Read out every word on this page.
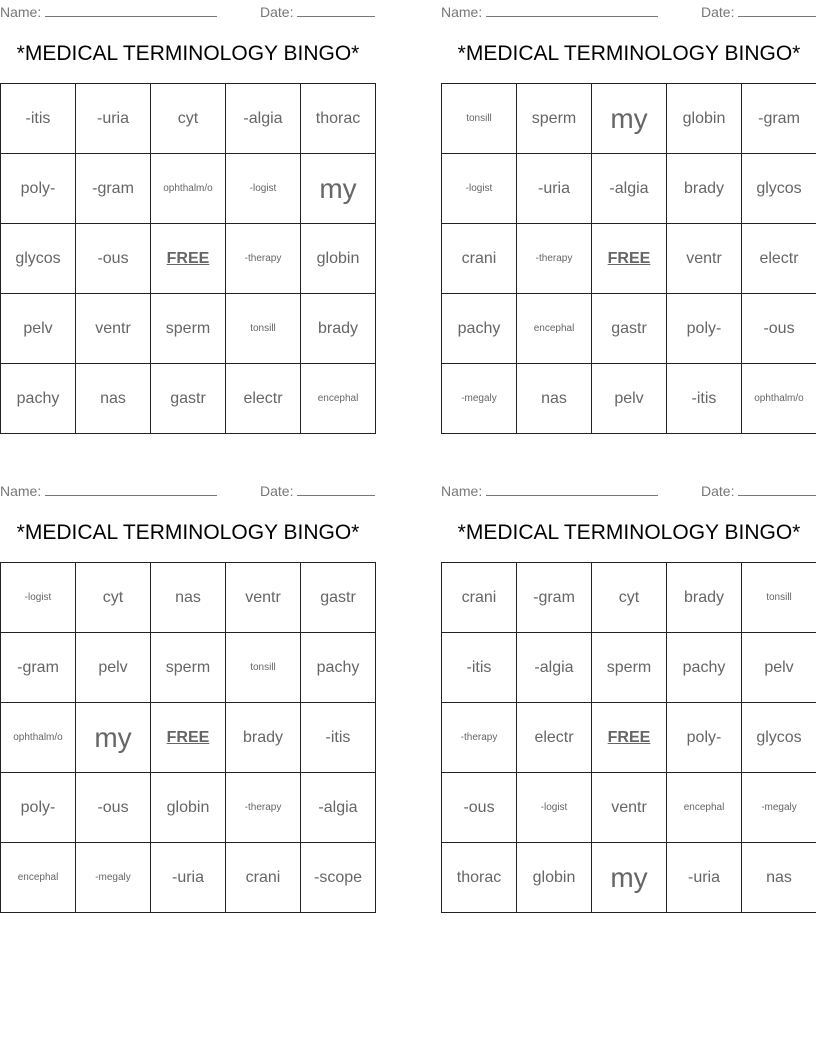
Name:	Date:
*MEDICAL TERMINOLOGY BINGO*
-itis	-uria	cyt	-algia	thorac
poly-	-gram	ophthalm/o	-logist	my
glycos	-ous	FREE	-therapy	globin
pelv	ventr	sperm	tonsill	brady
pachy	nas	gastr	electr	encephal
Name:	Date:
*MEDICAL TERMINOLOGY BINGO*
tonsill	sperm	my	globin	-gram
-logist	-uria	-algia	brady	glycos
crani	-therapy	FREE	ventr	electr
pachy	encephal	gastr	poly-	-ous
-megaly	nas	pelv	-itis	ophthalm/o
Name:	Date:
*MEDICAL TERMINOLOGY BINGO*
-logist	cyt	nas	ventr	gastr
-gram	pelv	sperm	tonsill	pachy
ophthalm/o	my	FREE	brady	-itis
poly-	-ous	globin	-therapy	-algia
encephal	-megaly	-uria	crani	-scope
Name:	Date:
*MEDICAL TERMINOLOGY BINGO*
crani	-gram	cyt	brady	tonsill
-itis	-algia	sperm	pachy	pelv
-therapy	electr	FREE	poly-	glycos
-ous	-logist	ventr	encephal	-megaly
thorac	globin	my	-uria	nas
